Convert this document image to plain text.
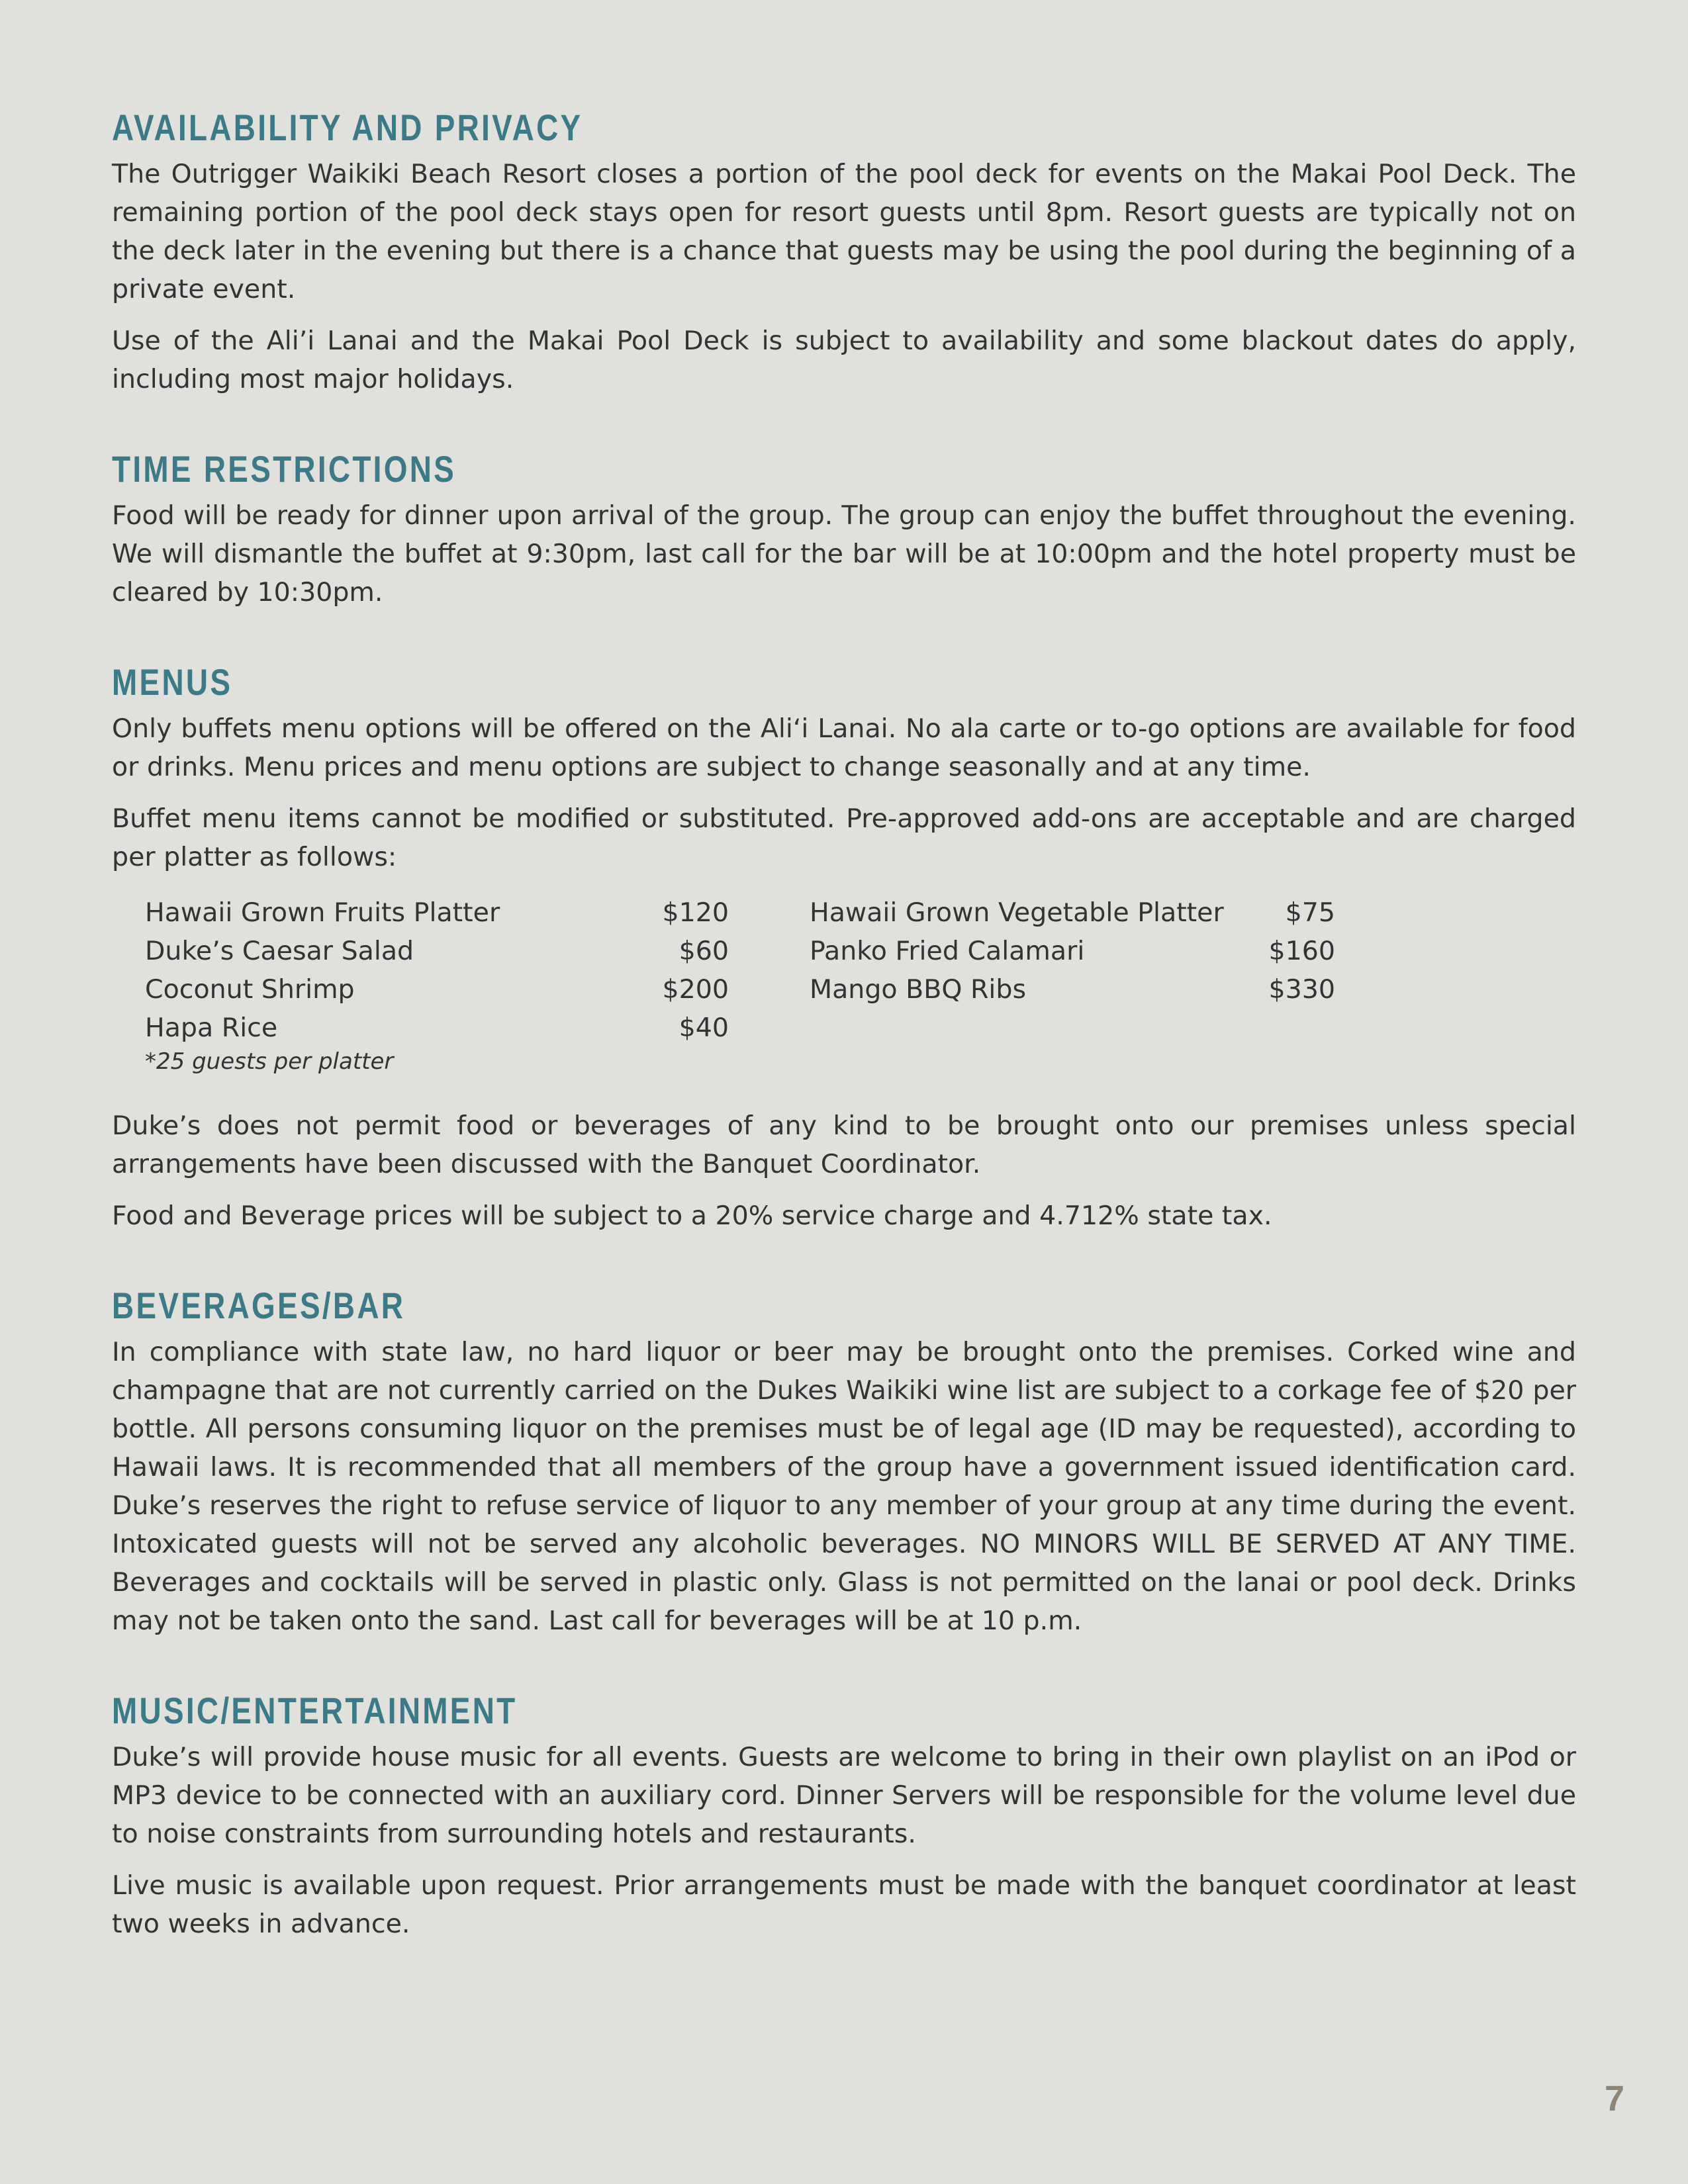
AVAILABILITY AND PRIVACY

The Outrigger Waikiki Beach Resort closes a portion of the pool deck for events on the Makai Pool Deck. The remaining portion of the pool deck stays open for resort guests until 8pm. Resort guests are typically not on the deck later in the evening but there is a chance that guests may be using the pool during the beginning of a private event.

Use of the Ali’i Lanai and the Makai Pool Deck is subject to availability and some blackout dates do apply, including most major holidays.

TIME RESTRICTIONS

Food will be ready for dinner upon arrival of the group. The group can enjoy the buffet throughout the evening. We will dismantle the buffet at 9:30pm, last call for the bar will be at 10:00pm and the hotel property must be cleared by 10:30pm.

MENUS

Only buffets menu options will be offered on the Ali‘i Lanai. No ala carte or to-go options are available for food or drinks. Menu prices and menu options are subject to change seasonally and at any time.

Buffet menu items cannot be modified or substituted. Pre-approved add-ons are acceptable and are charged per platter as follows:

Hawaii Grown Fruits Platter	$120
Duke’s Caesar Salad	$60
Coconut Shrimp	$200
Hapa Rice	$40
Hawaii Grown Vegetable Platter $75
Panko Fried Calamari	$160
Mango BBQ Ribs	$330
*25 guests per platter

Duke’s does not permit food or beverages of any kind to be brought onto our premises unless special arrangements have been discussed with the Banquet Coordinator.

Food and Beverage prices will be subject to a 20% service charge and 4.712% state tax.

BEVERAGES/BAR

In compliance with state law, no hard liquor or beer may be brought onto the premises. Corked wine and champagne that are not currently carried on the Dukes Waikiki wine list are subject to a corkage fee of $20 per bottle. All persons consuming liquor on the premises must be of legal age (ID may be requested), according to Hawaii laws. It is recommended that all members of the group have a government issued identification card. Duke’s reserves the right to refuse service of liquor to any member of your group at any time during the event. Intoxicated guests will not be served any alcoholic beverages. NO MINORS WILL BE SERVED AT ANY TIME. Beverages and cocktails will be served in plastic only. Glass is not permitted on the lanai or pool deck. Drinks may not be taken onto the sand. Last call for beverages will be at 10 p.m.

MUSIC/ENTERTAINMENT

Duke’s will provide house music for all events. Guests are welcome to bring in their own playlist on an iPod or MP3 device to be connected with an auxiliary cord. Dinner Servers will be responsible for the volume level due to noise constraints from surrounding hotels and restaurants.

Live music is available upon request. Prior arrangements must be made with the banquet coordinator at least two weeks in advance.

7
